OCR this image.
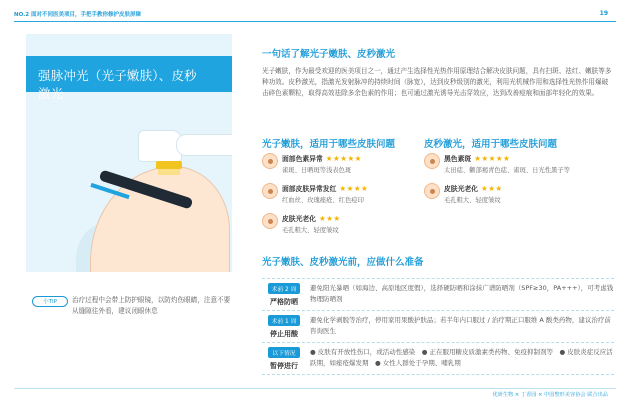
NO.2 面对不同医美项目，手把手教你修护皮肤屏障	19
强脉冲光（光子嫩肤）、皮秒激光
小TIP	治疗过程中会带上防护眼镜，以防灼伤眼睛，注意不要从缝隙往外看，建议闭眼休息
一句话了解光子嫩肤、皮秒激光
光子嫩肤，作为最受欢迎的医美项目之一，通过产生选择性光热作用原理结合解决皮肤问题，具有扫斑、祛红、嫩肤等多种功效。皮秒激光，指激光发射脉冲的持续时间（脉宽），达到皮秒级别的激光，利用光机械作用和选择性光热作用爆破击碎色素颗粒，取得高效祛除多余色素的作用；也可通过激光诱导光击穿效应，达到改善痘痕和面部年轻化的效果。
光子嫩肤，适用于哪些皮肤问题
面部色素异常 ★★★★★
雀斑、日晒斑等浅表色斑
面部皮肤异常发红 ★★★★
红血丝、玫瑰痤疮、红色痘印
皮肤光老化 ★★★
毛孔粗大、轻度皱纹
皮秒激光，适用于哪些皮肤问题
黑色素斑 ★★★★★
太田痣、颧部褐青色痣、雀斑、日光性黑子等
皮肤光老化 ★★★
毛孔粗大、轻度皱纹
光子嫩肤、皮秒激光前，应做什么准备
术前 2 周
严格防晒
避免阳光暴晒（如海边、高原地区度假），选择硬防晒和涂抹广谱防晒剂（SPF≥30，PA+++），可考虑钱物理防晒剂
术前 1 周
停止用酸
避免化学剥脱等治疗，停用家用果酸护肤品；若半年内口服过 / 治疗期正口服维 A 酸类药物，建议治疗前咨询医生
以下情况
暂停进行
● 皮肤有开放性伤口，或活动性感染　● 正在服用糖皮质激素类药物、免疫抑制剂等　● 皮肤炎症反应活跃期，如痤疮爆发期　● 女性人群处于孕期、哺乳期
优妍生物 × 丁香园 × 中国整形美容协会 联合出品
